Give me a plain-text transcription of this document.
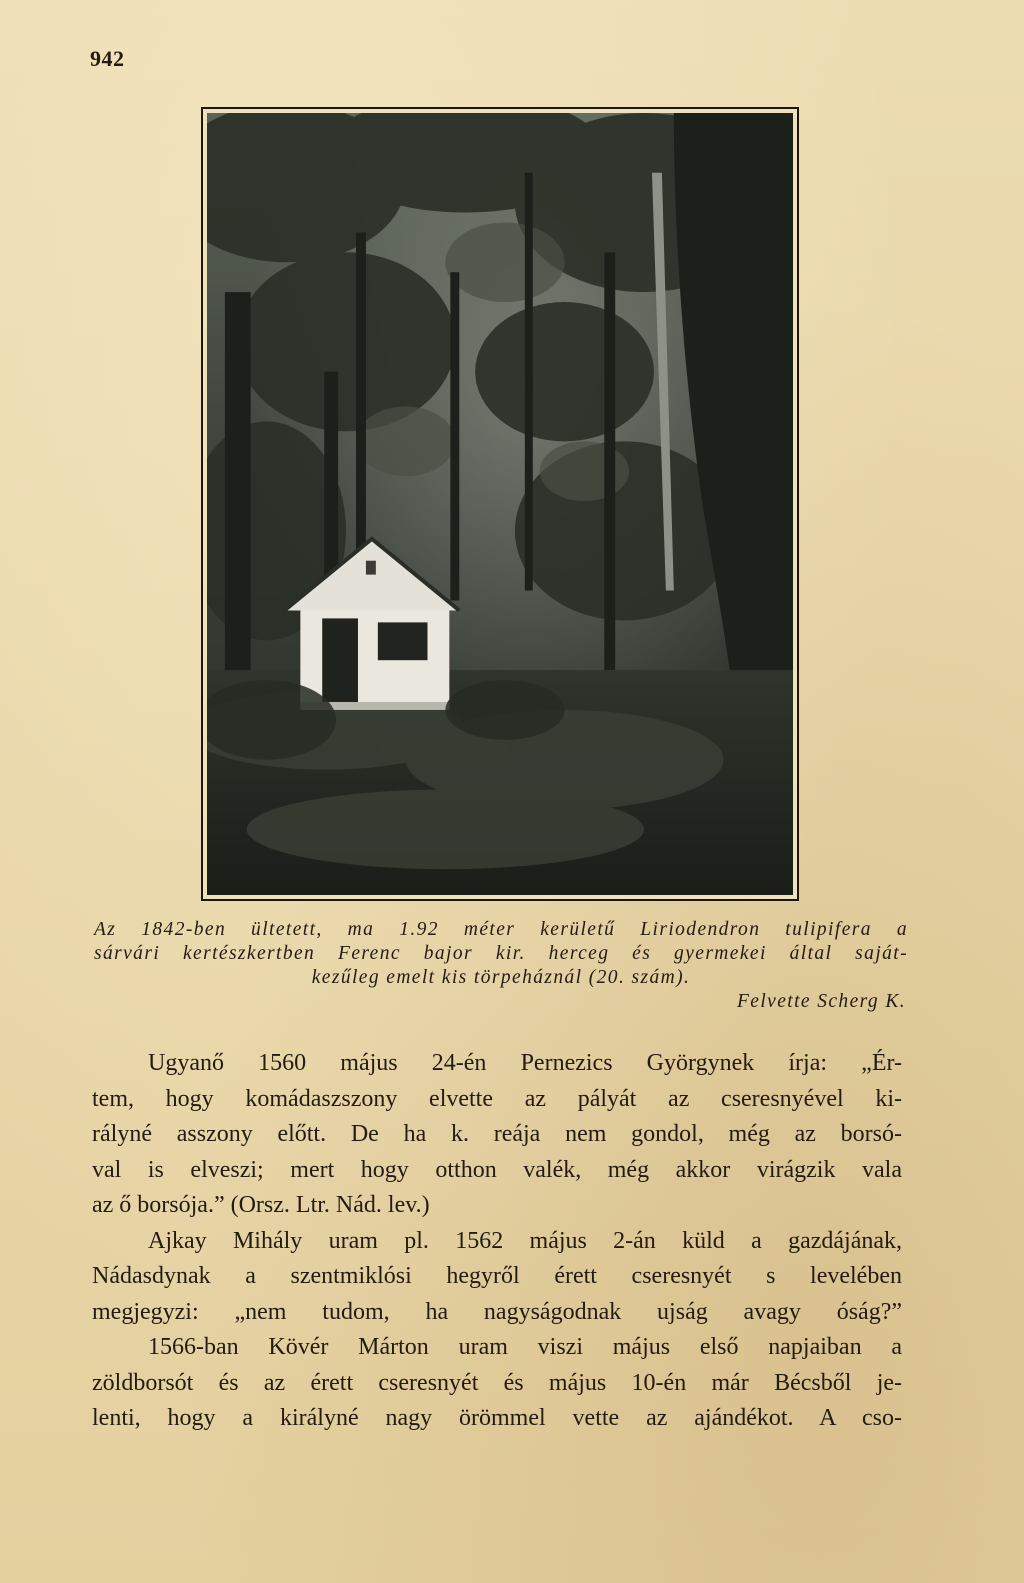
942
Az 1842-ben ültetett, ma 1.92 méter kerületű Liriodendron tulipifera a
sárvári kertészkertben Ferenc bajor kir. herceg és gyermekei által saját-
kezűleg emelt kis törpeháznál (20. szám).
Felvette Scherg K.
Ugyanő 1560 május 24-én Pernezics Györgynek írja: „Ér-
tem, hogy komádaszszony elvette az pályát az cseresnyével ki-
rályné asszony előtt. De ha k. reája nem gondol, még az borsó-
val is elveszi; mert hogy otthon valék, még akkor virágzik vala
az ő borsója.” (Orsz. Ltr. Nád. lev.)
Ajkay Mihály uram pl. 1562 május 2-án küld a gazdájának,
Nádasdynak a szentmiklósi hegyről érett cseresnyét s levelében
megjegyzi: „nem tudom, ha nagyságodnak ujság avagy óság?”
1566-ban Kövér Márton uram viszi május első napjaiban a
zöldborsót és az érett cseresnyét és május 10-én már Bécsből je-
lenti, hogy a királyné nagy örömmel vette az ajándékot. A cso-
